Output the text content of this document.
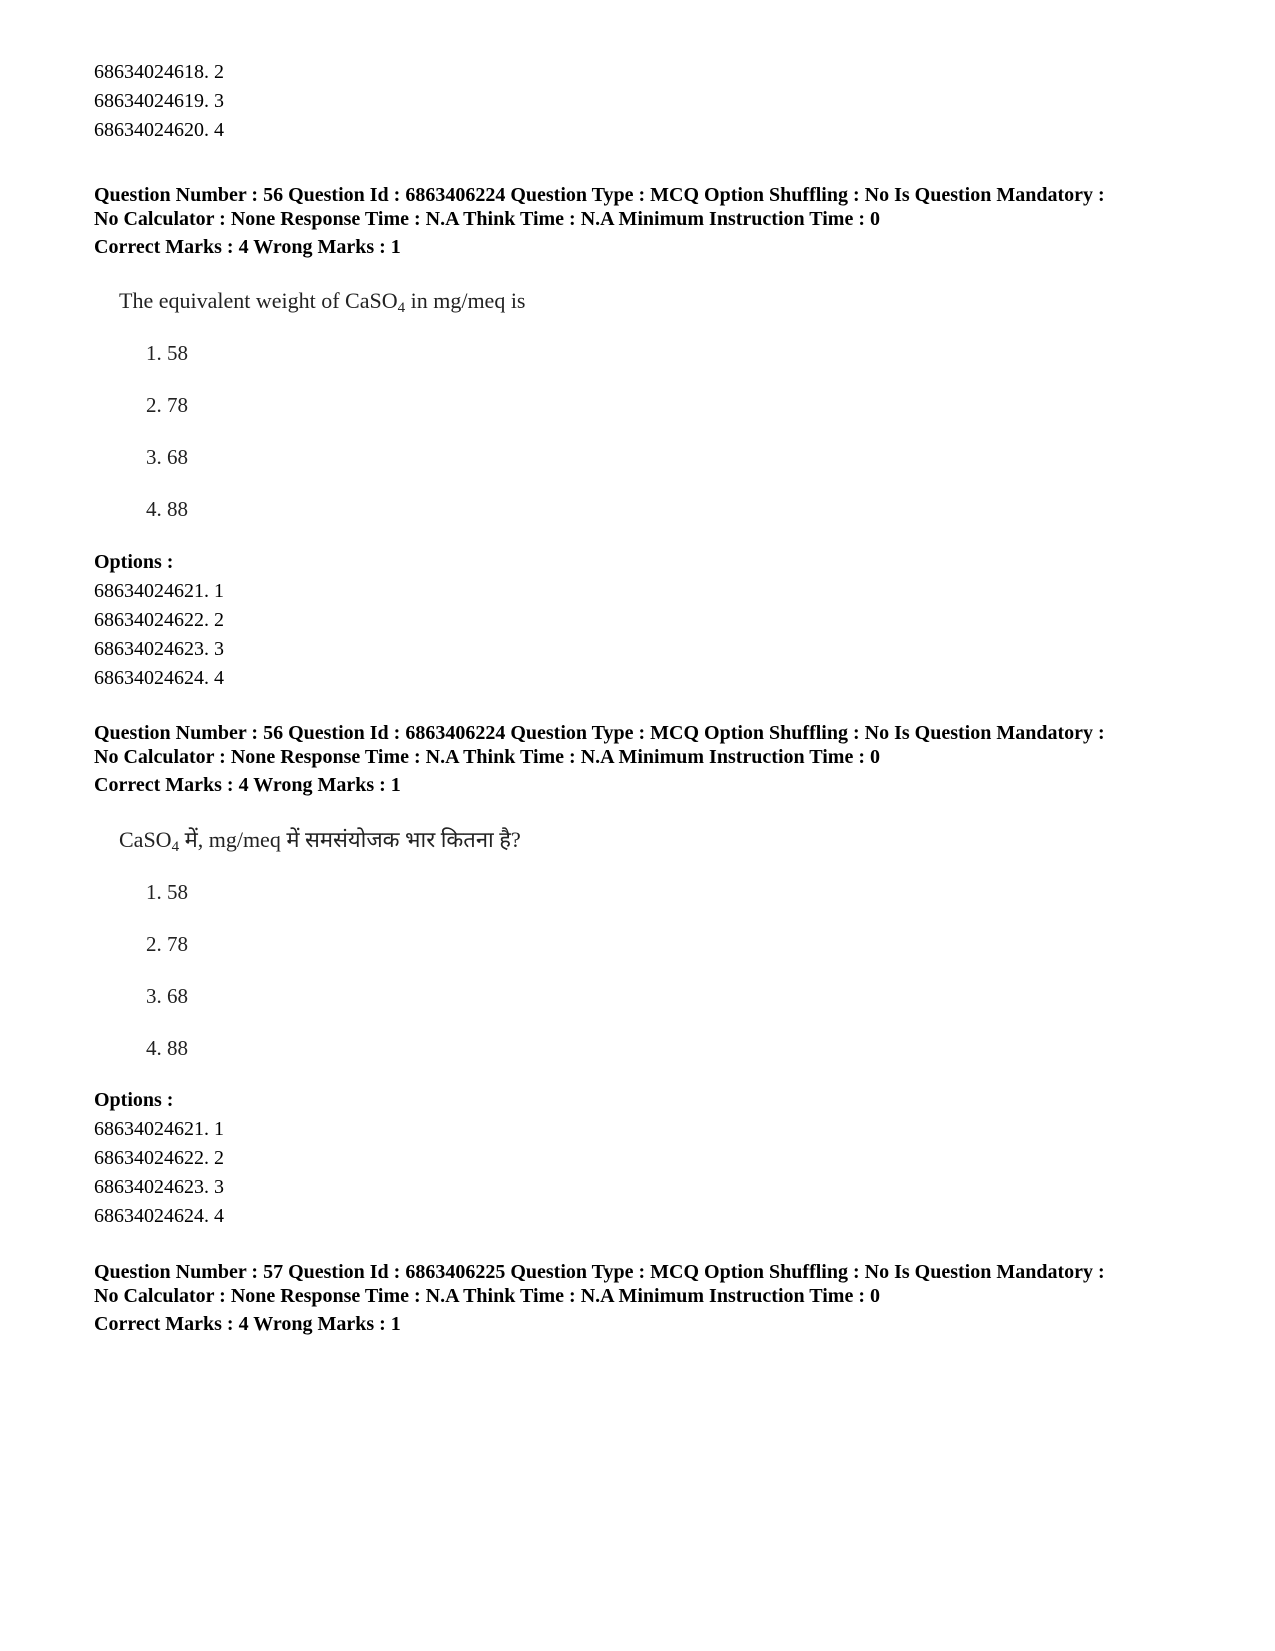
68634024618. 2
68634024619. 3
68634024620. 4
Question Number : 56 Question Id : 6863406224 Question Type : MCQ Option Shuffling : No Is Question Mandatory :
No Calculator : None Response Time : N.A Think Time : N.A Minimum Instruction Time : 0
Correct Marks : 4 Wrong Marks : 1
The equivalent weight of CaSO$_4$ in mg/meq is
1. 58
2. 78
3. 68
4. 88
Options :
68634024621. 1
68634024622. 2
68634024623. 3
68634024624. 4
Question Number : 56 Question Id : 6863406224 Question Type : MCQ Option Shuffling : No Is Question Mandatory :
No Calculator : None Response Time : N.A Think Time : N.A Minimum Instruction Time : 0
Correct Marks : 4 Wrong Marks : 1
CaSO$_4$ में, mg/meq में समसंयोजक भार कितना है?
1. 58
2. 78
3. 68
4. 88
Options :
68634024621. 1
68634024622. 2
68634024623. 3
68634024624. 4
Question Number : 57 Question Id : 6863406225 Question Type : MCQ Option Shuffling : No Is Question Mandatory :
No Calculator : None Response Time : N.A Think Time : N.A Minimum Instruction Time : 0
Correct Marks : 4 Wrong Marks : 1
